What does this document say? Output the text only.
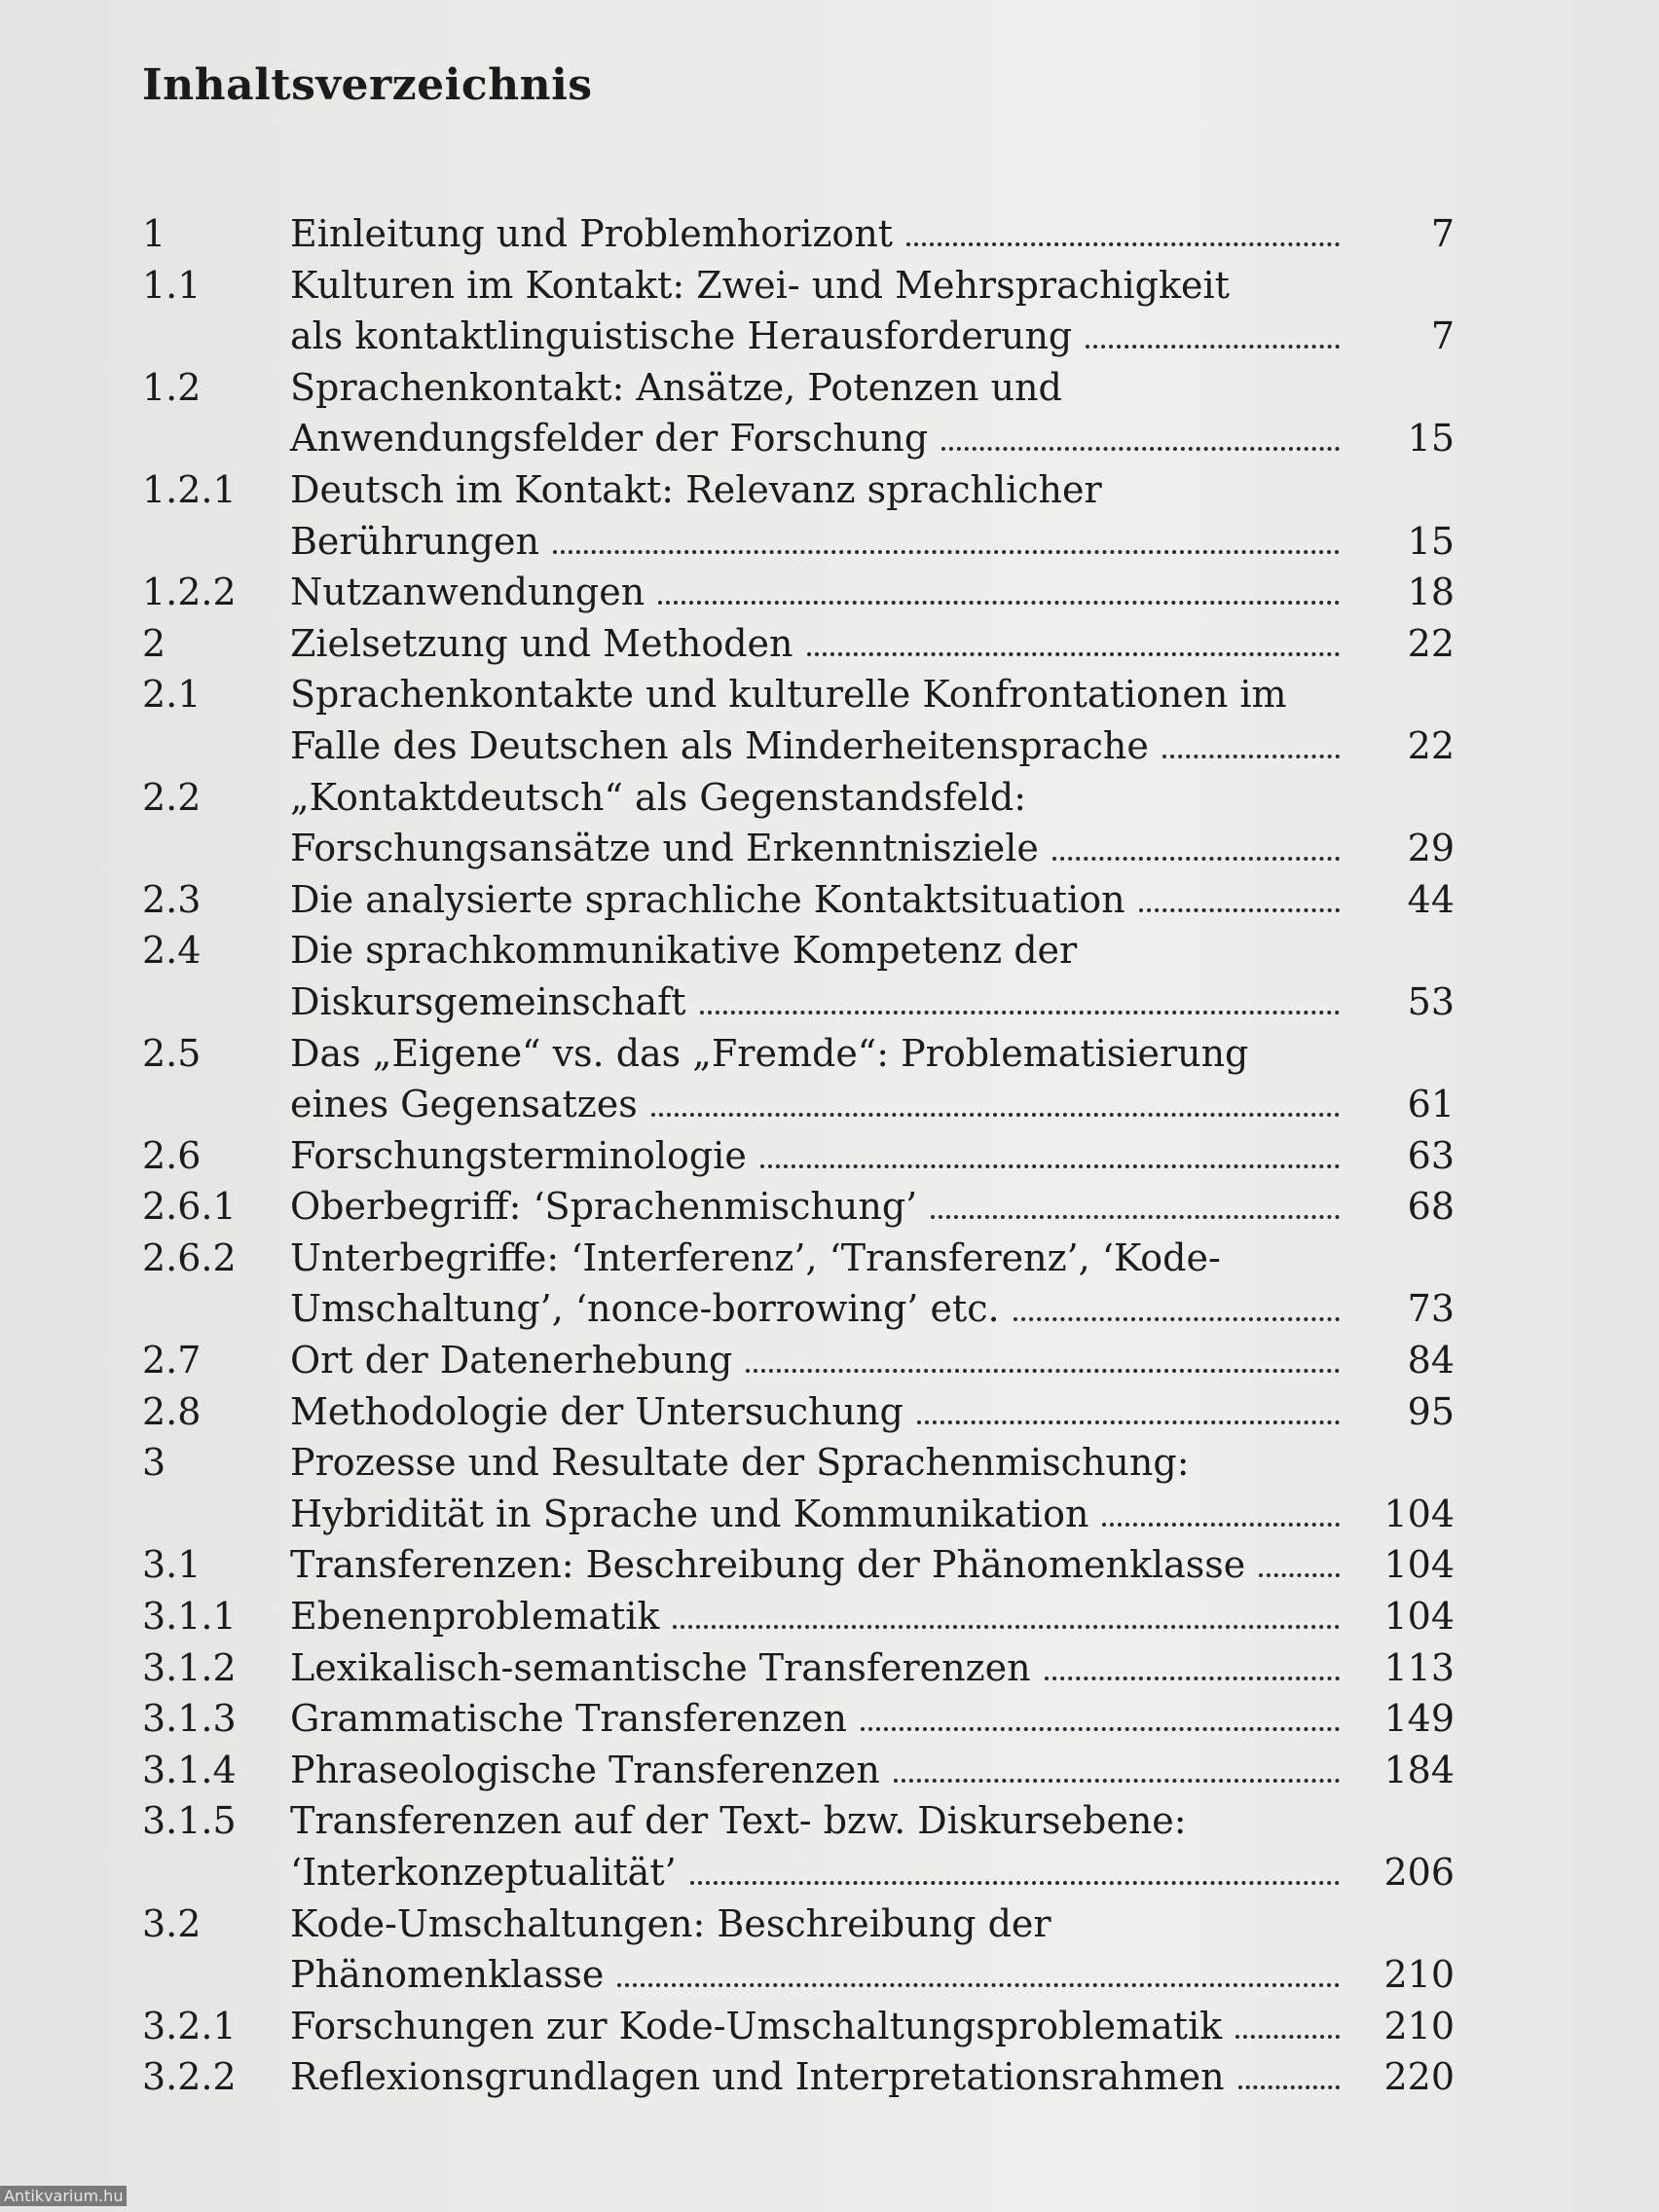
Inhaltsverzeichnis
1	Einleitung und Problemhorizont	7
1.1 Kulturen im Kontakt: Zwei- und Mehrsprachigkeit
als kontaktlinguistische Herausforderung	7
1.2 Sprachenkontakt: Ansätze, Potenzen und
Anwendungsfelder der Forschung	15
1.2.1 Deutsch im Kontakt: Relevanz sprachlicher
Berührungen	15
1.2.2 Nutzanwendungen	18
2	Zielsetzung und Methoden	22
2.1 Sprachenkontakte und kulturelle Konfrontationen im
Falle des Deutschen als Minderheitensprache	22
2.2 „Kontaktdeutsch“ als Gegenstandsfeld:
Forschungsansätze und Erkenntnisziele	29
2.3 Die analysierte sprachliche Kontaktsituation	44
2.4 Die sprachkommunikative Kompetenz der
Diskursgemeinschaft	53
2.5 Das „Eigene“ vs. das „Fremde“: Problematisierung
eines Gegensatzes	61
2.6 Forschungsterminologie	63
2.6.1 Oberbegriff: ‘Sprachenmischung’	68
2.6.2 Unterbegriffe: ‘Interferenz’, ‘Transferenz’, ‘Kode-
Umschaltung’, ‘nonce-borrowing’ etc.	73
2.7 Ort der Datenerhebung	84
2.8 Methodologie der Untersuchung	95
3	Prozesse und Resultate der Sprachenmischung:
Hybridität in Sprache und Kommunikation	104
3.1 Transferenzen: Beschreibung der Phänomenklasse	104
3.1.1 Ebenenproblematik	104
3.1.2 Lexikalisch-semantische Transferenzen	113
3.1.3 Grammatische Transferenzen	149
3.1.4 Phraseologische Transferenzen	184
3.1.5 Transferenzen auf der Text- bzw. Diskursebene:
‘Interkonzeptualität’	206
3.2 Kode-Umschaltungen: Beschreibung der
Phänomenklasse	210
3.2.1 Forschungen zur Kode-Umschaltungsproblematik	210
3.2.2 Reflexionsgrundlagen und Interpretationsrahmen	220
Antikvarium.hu
